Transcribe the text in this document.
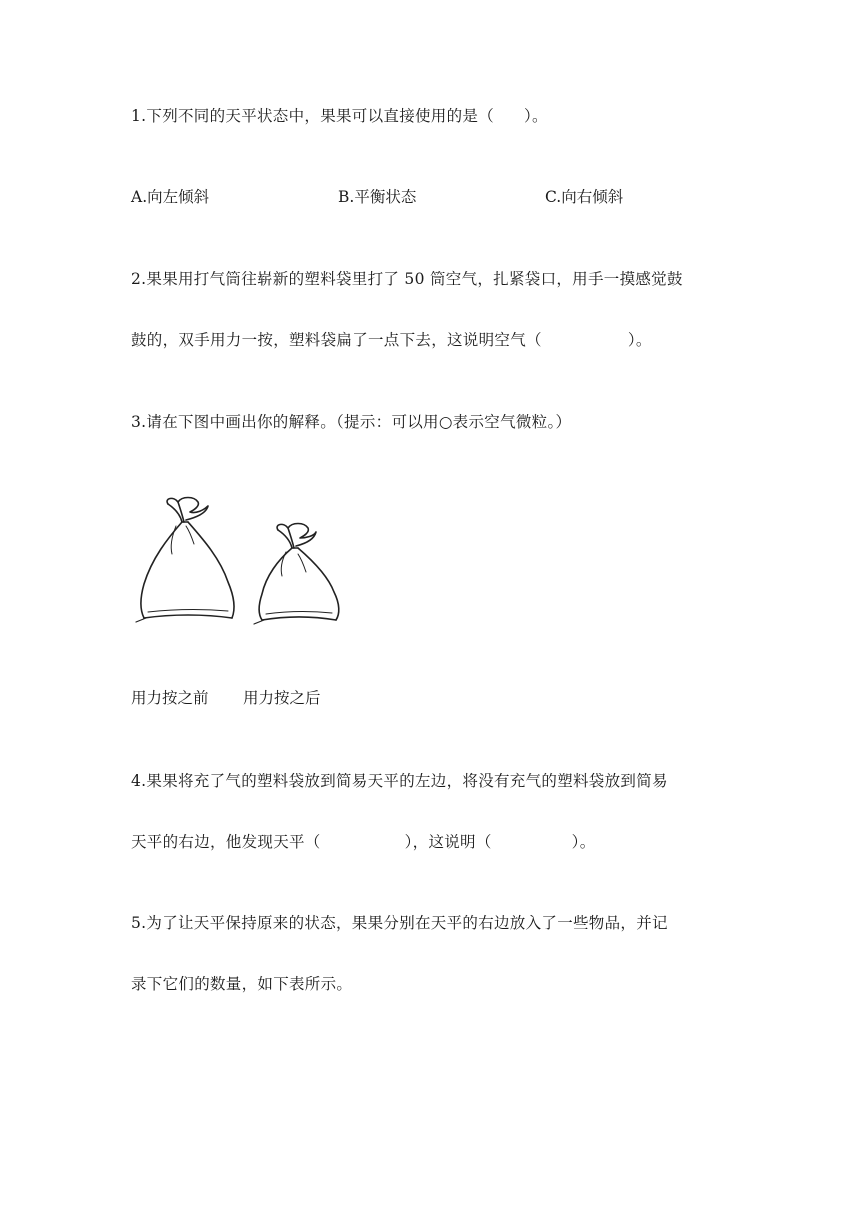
1.下列不同的天平状态中，果果可以直接使用的是（ ）。
A.向左倾斜	B.平衡状态	C.向右倾斜
2.果果用打气筒往崭新的塑料袋里打了 50 筒空气，扎紧袋口，用手一摸感觉鼓
鼓的，双手用力一按，塑料袋扁了一点下去，这说明空气（	）。
3.请在下图中画出你的解释。（提示：可以用○表示空气微粒。）
用力按之前 用力按之后
4.果果将充了气的塑料袋放到简易天平的左边，将没有充气的塑料袋放到简易
天平的右边，他发现天平（	），这说明（	）。
5.为了让天平保持原来的状态，果果分别在天平的右边放入了一些物品，并记
录下它们的数量，如下表所示。
